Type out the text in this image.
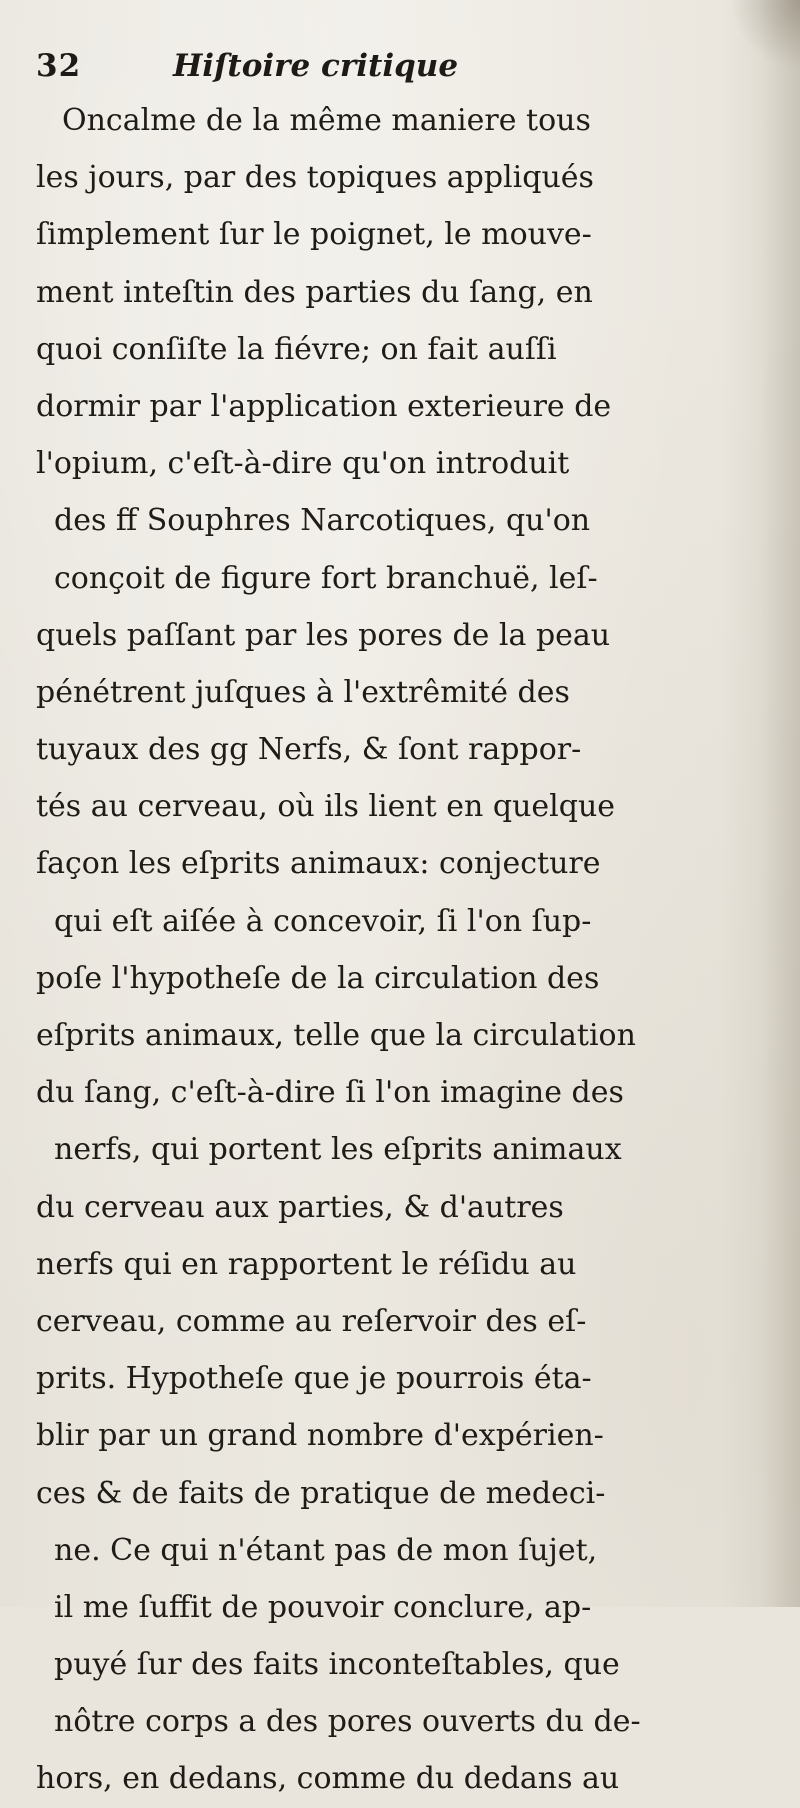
32	Hiſtoire critique
Oncalme de la même maniere tous
les jours, par des topiques appliqués
ſimplement ſur le poignet, le mouve-
ment inteſtin des parties du ſang, en
quoi conſiſte la fiévre; on fait auſſi
dormir par l'application exterieure de
l'opium, c'eſt-à-dire qu'on introduit
des ff Souphres Narcotiques, qu'on
conçoit de figure fort branchuë, leſ-
quels paſſant par les pores de la peau
pénétrent juſques à l'extrêmité des
tuyaux des gg Nerfs, & ſont rappor-
tés au cerveau, où ils lient en quelque
façon les eſprits animaux: conjecture
qui eſt aiſée à concevoir, ſi l'on ſup-
poſe l'hypotheſe de la circulation des
eſprits animaux, telle que la circulation
du ſang, c'eſt-à-dire ſi l'on imagine des
nerfs, qui portent les eſprits animaux
du cerveau aux parties, & d'autres
nerfs qui en rapportent le réſidu au
cerveau, comme au reſervoir des eſ-
prits. Hypotheſe que je pourrois éta-
blir par un grand nombre d'expérien-
ces & de faits de pratique de medeci-
ne. Ce qui n'étant pas de mon ſujet,
il me ſuffit de pouvoir conclure, ap-
puyé ſur des faits inconteſtables, que
nôtre corps a des pores ouverts du de-
hors, en dedans, comme du dedans au
